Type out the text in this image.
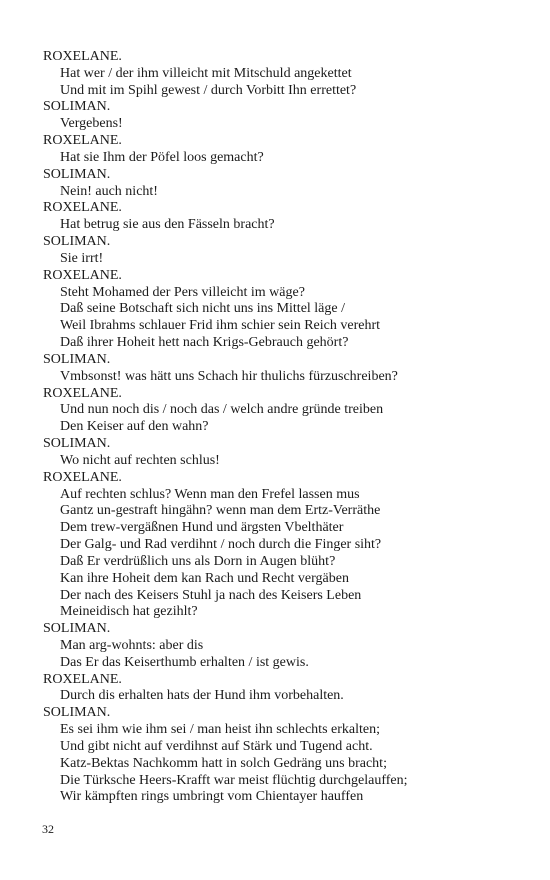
ROXELANE.
Hat wer / der ihm villeicht mit Mitschuld angekettet
Und mit im Spihl gewest / durch Vorbitt Ihn errettet?
SOLIMAN.
Vergebens!
ROXELANE.
Hat sie Ihm der Pöfel loos gemacht?
SOLIMAN.
Nein! auch nicht!
ROXELANE.
Hat betrug sie aus den Fässeln bracht?
SOLIMAN.
Sie irrt!
ROXELANE.
Steht Mohamed der Pers villeicht im wäge?
Daß seine Botschaft sich nicht uns ins Mittel läge /
Weil Ibrahms schlauer Frid ihm schier sein Reich verehrt
Daß ihrer Hoheit hett nach Krigs-Gebrauch gehört?
SOLIMAN.
Vmbsonst! was hätt uns Schach hir thulichs fürzuschreiben?
ROXELANE.
Und nun noch dis / noch das / welch andre gründe treiben
Den Keiser auf den wahn?
SOLIMAN.
Wo nicht auf rechten schlus!
ROXELANE.
Auf rechten schlus? Wenn man den Frefel lassen mus
Gantz un-gestraft hingähn? wenn man dem Ertz-Verräthe
Dem trew-vergäßnen Hund und ärgsten Vbelthäter
Der Galg- und Rad verdihnt / noch durch die Finger siht?
Daß Er verdrüßlich uns als Dorn in Augen blüht?
Kan ihre Hoheit dem kan Rach und Recht vergäben
Der nach des Keisers Stuhl ja nach des Keisers Leben
Meineidisch hat gezihlt?
SOLIMAN.
Man arg-wohnts: aber dis
Das Er das Keiserthumb erhalten / ist gewis.
ROXELANE.
Durch dis erhalten hats der Hund ihm vorbehalten.
SOLIMAN.
Es sei ihm wie ihm sei / man heist ihn schlechts erkalten;
Und gibt nicht auf verdihnst auf Stärk und Tugend acht.
Katz-Bektas Nachkomm hatt in solch Gedräng uns bracht;
Die Türksche Heers-Krafft war meist flüchtig durchgelauffen;
Wir kämpften rings umbringt vom Chientayer hauffen
32
